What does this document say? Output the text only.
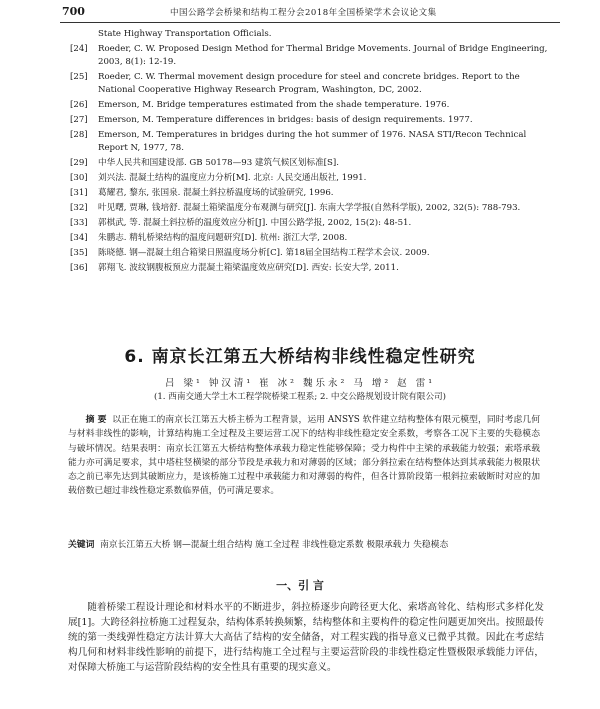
700	中国公路学会桥梁和结构工程分会2018年全国桥梁学术会议论文集
State Highway Transportation Officials.
[24]	Roeder, C. W. Proposed Design Method for Thermal Bridge Movements. Journal of Bridge Engineering, 2003, 8(1): 12-19.
[25]	Roeder, C. W. Thermal movement design procedure for steel and concrete bridges. Report to the National Cooperative Highway Research Program, Washington, DC, 2002.
[26]	Emerson, M. Bridge temperatures estimated from the shade temperature. 1976.
[27]	Emerson, M. Temperature differences in bridges: basis of design requirements. 1977.
[28]	Emerson, M. Temperatures in bridges during the hot summer of 1976. NASA STI/Recon Technical Report N, 1977, 78.
[29]	中华人民共和国建设部. GB 50178—93 建筑气候区划标准[S].
[30]	刘兴法. 混凝土结构的温度应力分析[M]. 北京: 人民交通出版社, 1991.
[31]	葛耀君, 黎东, 张国泉. 混凝土斜拉桥温度场的试验研究, 1996.
[32]	叶见曙, 贾琳, 钱培舒. 混凝土箱梁温度分布观测与研究[J]. 东南大学学报(自然科学版), 2002, 32(5): 788-793.
[33]	郭棋武, 等. 混凝土斜拉桥的温度效应分析[J]. 中国公路学报, 2002, 15(2): 48-51.
[34]	朱鹏志. 精轧桥梁结构的温度问题研究[D]. 杭州: 浙江大学, 2008.
[35]	陈晓德. 钢—混凝土组合箱梁日照温度场分析[C]. 第18届全国结构工程学术会议. 2009.
[36]	郭翔飞. 波纹钢腹板预应力混凝土箱梁温度效应研究[D]. 西安: 长安大学, 2011.
6. 南京长江第五大桥结构非线性稳定性研究
吕 梁¹ 钟汉清¹ 崔 冰² 魏乐永² 马 增² 赵 雷¹
(1. 西南交通大学土木工程学院桥梁工程系; 2. 中交公路规划设计院有限公司)
摘 要 以正在施工的南京长江第五大桥主桥为工程背景，运用 ANSYS 软件建立结构整体有限元模型，同时考虑几何与材料非线性的影响，计算结构施工全过程及主要运营工况下的结构非线性稳定安全系数，考察各工况下主要的失稳模态与破坏情况。结果表明：南京长江第五大桥结构整体承载力稳定性能够保障；受力构件中主梁的承载能力较强；索塔承载能力亦可满足要求，其中塔柱竖横梁的部分节段是承载力和对薄弱的区域；部分斜拉索在结构整体达到其承载能力极限状态之前已率先达到其破断应力，是该桥施工过程中承载能力和对薄弱的构件，但各计算阶段第一根斜拉索破断时对应的加载倍数已超过非线性稳定系数临界值，仍可满足要求。
关键词 南京长江第五大桥 钢—混凝土组合结构 施工全过程 非线性稳定系数 极限承载力 失稳模态
一、引 言
随着桥梁工程设计理论和材料水平的不断进步，斜拉桥逐步向跨径更大化、索塔高耸化、结构形式多样化发展[1]。大跨径斜拉桥施工过程复杂，结构体系转换频繁，结构整体和主要构件的稳定性问题更加突出。按照最传统的第一类线弹性稳定方法计算大大高估了结构的安全储备，对工程实践的指导意义已微乎其微。因此在考虑结构几何和材料非线性影响的前提下，进行结构施工全过程与主要运营阶段的非线性稳定性暨极限承载能力评估，对保障大桥施工与运营阶段结构的安全性具有重要的现实意义。
